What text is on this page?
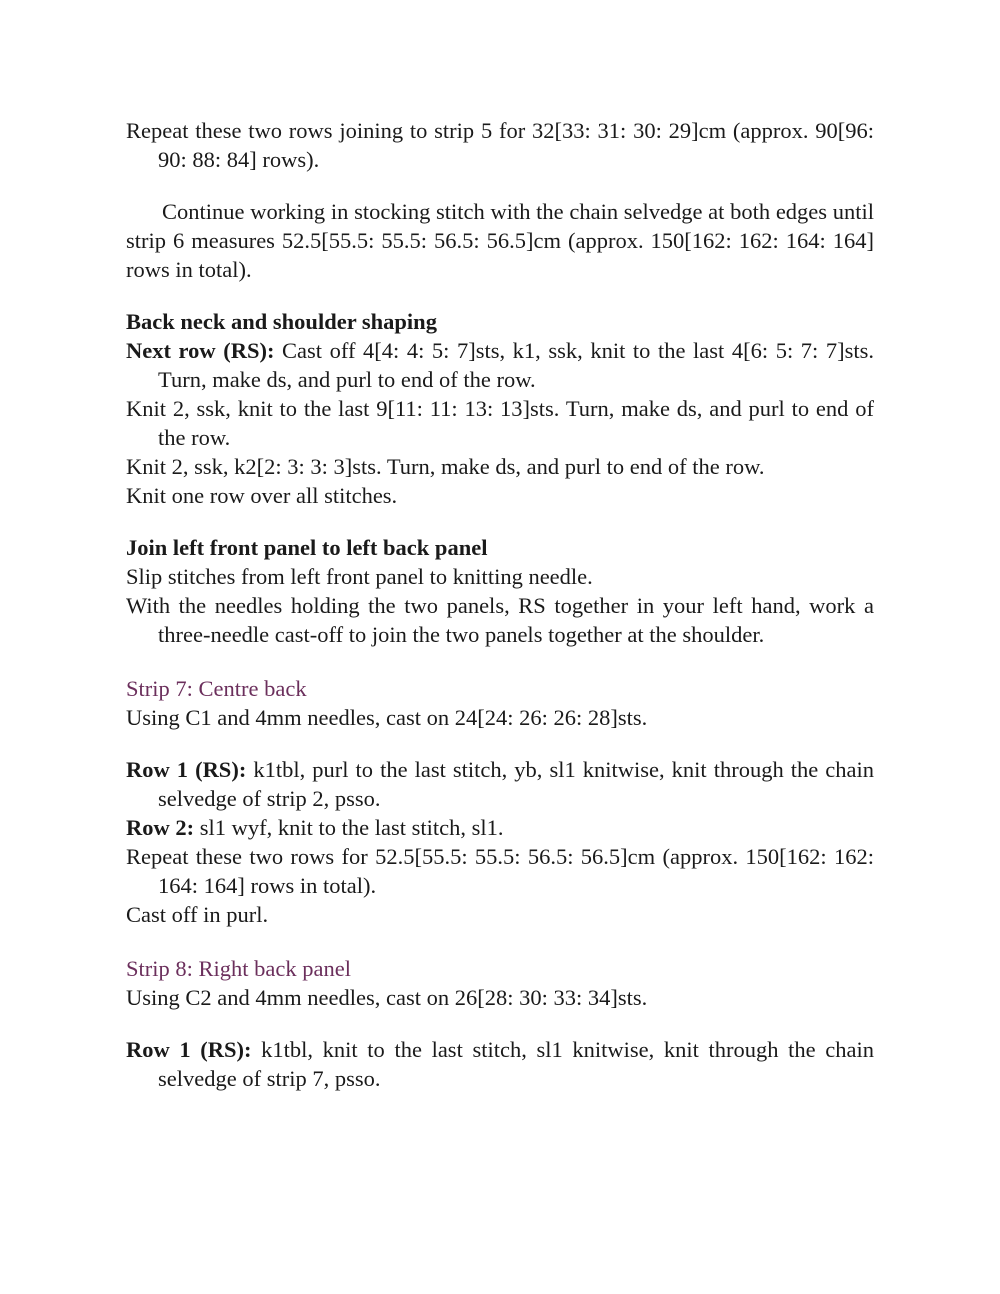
Repeat these two rows joining to strip 5 for 32[33: 31: 30: 29]cm (approx. 90[96: 90: 88: 84] rows).

Continue working in stocking stitch with the chain selvedge at both edges until strip 6 measures 52.5[55.5: 55.5: 56.5: 56.5]cm (approx. 150[162: 162: 164: 164] rows in total).

Back neck and shoulder shaping

Next row (RS): Cast off 4[4: 4: 5: 7]sts, k1, ssk, knit to the last 4[6: 5: 7: 7]sts. Turn, make ds, and purl to end of the row.

Knit 2, ssk, knit to the last 9[11: 11: 13: 13]sts. Turn, make ds, and purl to end of the row.

Knit 2, ssk, k2[2: 3: 3: 3]sts. Turn, make ds, and purl to end of the row.

Knit one row over all stitches.

Join left front panel to left back panel

Slip stitches from left front panel to knitting needle.

With the needles holding the two panels, RS together in your left hand, work a three-needle cast-off to join the two panels together at the shoulder.

Strip 7: Centre back

Using C1 and 4mm needles, cast on 24[24: 26: 26: 28]sts.

Row 1 (RS): k1tbl, purl to the last stitch, yb, sl1 knitwise, knit through the chain selvedge of strip 2, psso.

Row 2: sl1 wyf, knit to the last stitch, sl1.

Repeat these two rows for 52.5[55.5: 55.5: 56.5: 56.5]cm (approx. 150[162: 162: 164: 164] rows in total).

Cast off in purl.

Strip 8: Right back panel

Using C2 and 4mm needles, cast on 26[28: 30: 33: 34]sts.

Row 1 (RS): k1tbl, knit to the last stitch, sl1 knitwise, knit through the chain selvedge of strip 7, psso.
